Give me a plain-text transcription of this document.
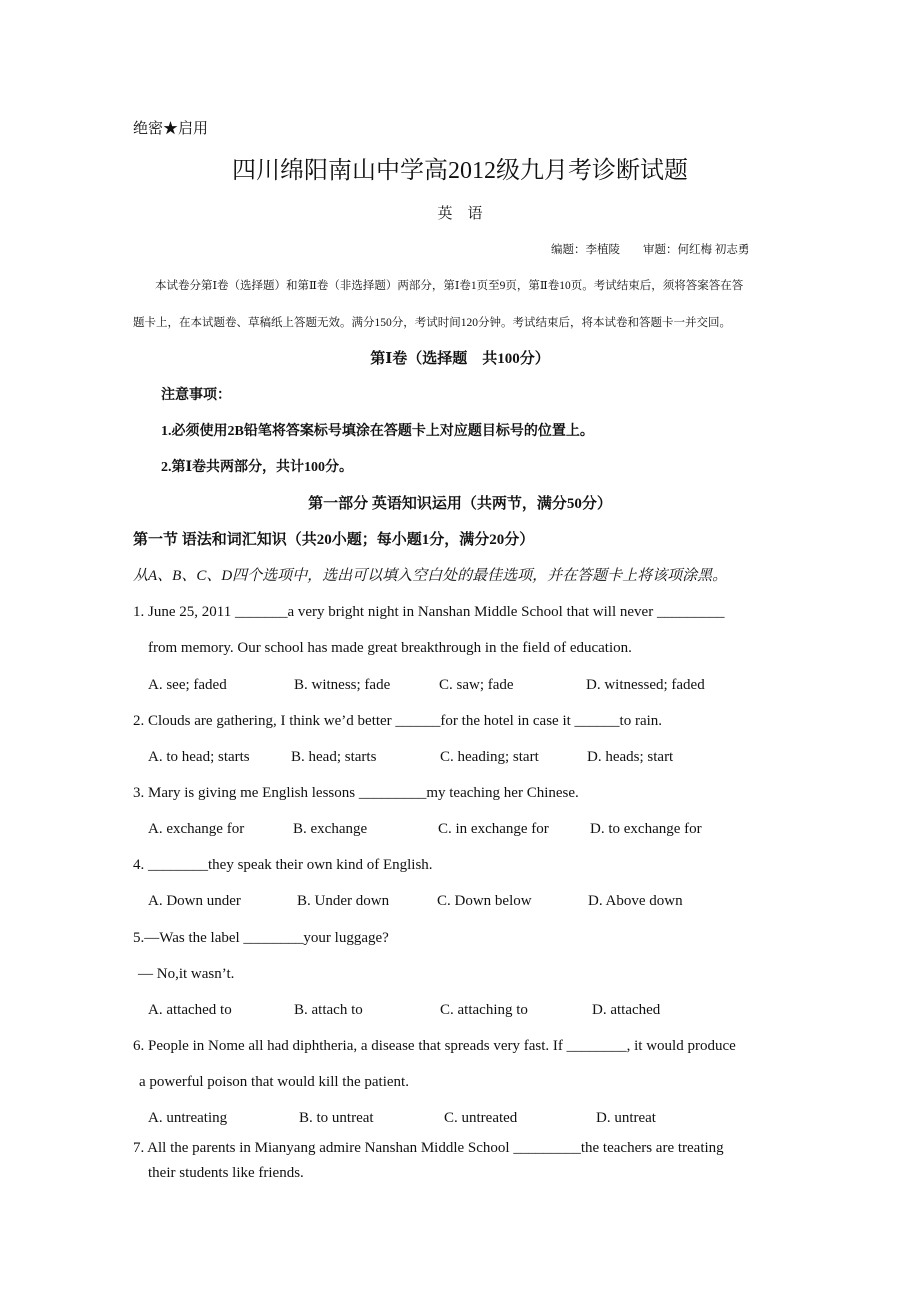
绝密★启用
四川绵阳南山中学高2012级九月考诊断试题
英　语
编题：李植陵　　审题：何红梅 初志勇
本试卷分第Ⅰ卷（选择题）和第Ⅱ卷（非选择题）两部分，第Ⅰ卷1页至9页，第Ⅱ卷10页。考试结束后，须将答案答在答
题卡上，在本试题卷、草稿纸上答题无效。满分150分，考试时间120分钟。考试结束后，将本试卷和答题卡一并交回。
第Ⅰ卷（选择题　共100分）
注意事项：
1.必须使用2B铅笔将答案标号填涂在答题卡上对应题目标号的位置上。
2.第Ⅰ卷共两部分，共计100分。
第一部分 英语知识运用（共两节，满分50分）
第一节 语法和词汇知识（共20小题；每小题1分，满分20分）
从A、B、C、D四个选项中，选出可以填入空白处的最佳选项，并在答题卡上将该项涂黑。
1. June 25, 2011 _______a very bright night in Nanshan Middle School that will never _________
from memory. Our school has made great breakthrough in the field of education.
A. see; faded	B. witness; fade	C. saw; fade	D. witnessed; faded
2. Clouds are gathering, I think we’d better ______for the hotel in case it ______to rain.
A. to head; starts	B. head; starts	C. heading; start	D. heads; start
3. Mary is giving me English lessons _________my teaching her Chinese.
A. exchange for	B. exchange	C. in exchange for	D. to exchange for
4. ________they speak their own kind of English.
A. Down under	B. Under down	C. Down below	D. Above down
5.—Was the label ________your luggage?
— No,it wasn’t.
A. attached to	B. attach to	C. attaching to	D. attached
6. People in Nome all had diphtheria, a disease that spreads very fast. If ________, it would produce
a powerful poison that would kill the patient.
A. untreating	B. to untreat	C. untreated	D. untreat
7. All the parents in Mianyang admire Nanshan Middle School _________the teachers are treating
their students like friends.
